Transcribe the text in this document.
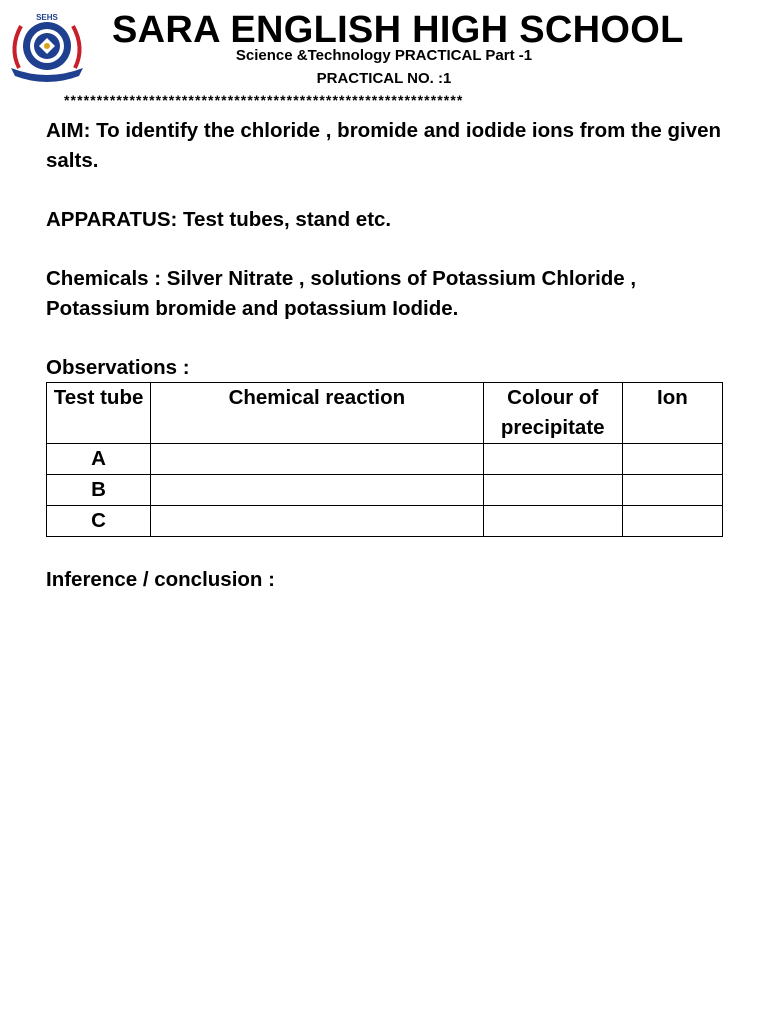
SEHS SARA ENGLISH HIGH SCHOOL
Science &Technology PRACTICAL Part -1
PRACTICAL NO. :1
*************************************************************
AIM: To identify the chloride , bromide and iodide ions from the given salts.
APPARATUS: Test tubes, stand etc.
Chemicals : Silver Nitrate , solutions of Potassium Chloride , Potassium bromide and potassium Iodide.
Observations :
Test tube	Chemical reaction	Colour of precipitate	Ion
A			
B			
C			
Inference / conclusion :
